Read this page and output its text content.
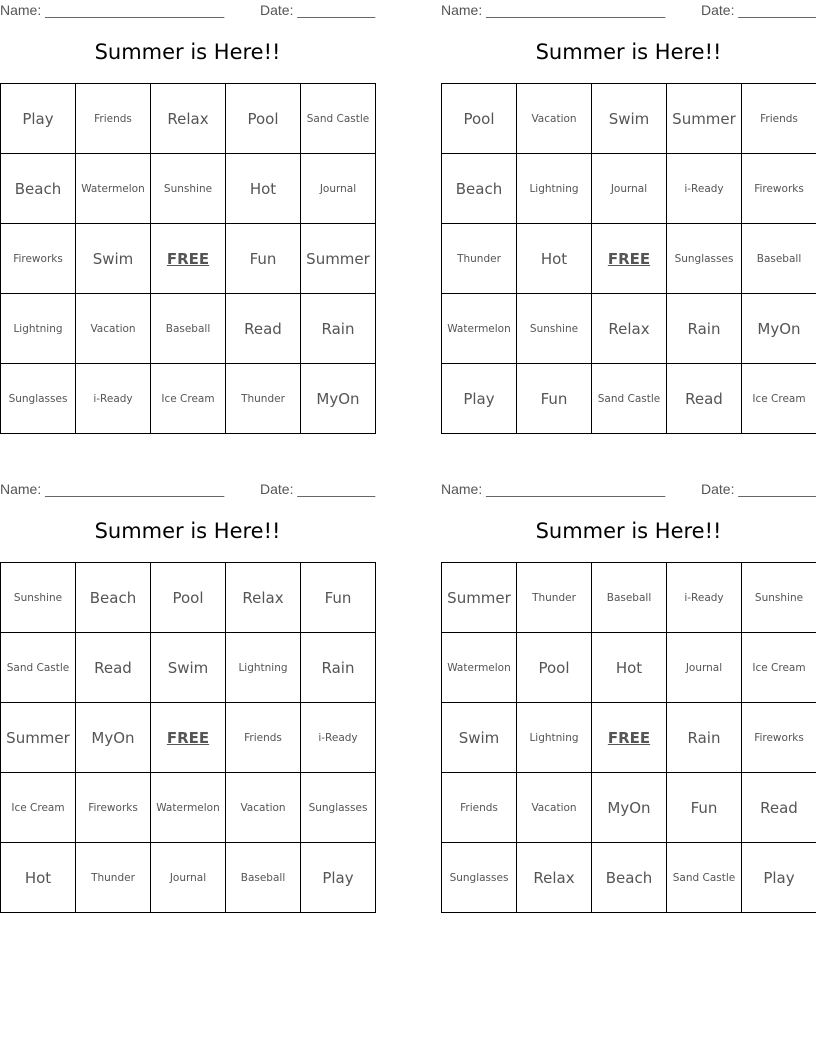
Name: _______________________	Date: __________
Summer is Here!!
Play	Friends	Relax	Pool	Sand Castle
Beach	Watermelon	Sunshine	Hot	Journal
Fireworks	Swim	FREE	Fun	Summer
Lightning	Vacation	Baseball	Read	Rain
Sunglasses	i-Ready	Ice Cream	Thunder	MyOn
Name: _______________________	Date: __________
Summer is Here!!
Pool	Vacation	Swim	Summer	Friends
Beach	Lightning	Journal	i-Ready	Fireworks
Thunder	Hot	FREE	Sunglasses	Baseball
Watermelon	Sunshine	Relax	Rain	MyOn
Play	Fun	Sand Castle	Read	Ice Cream
Name: _______________________	Date: __________
Summer is Here!!
Sunshine	Beach	Pool	Relax	Fun
Sand Castle	Read	Swim	Lightning	Rain
Summer	MyOn	FREE	Friends	i-Ready
Ice Cream	Fireworks	Watermelon	Vacation	Sunglasses
Hot	Thunder	Journal	Baseball	Play
Name: _______________________	Date: __________
Summer is Here!!
Summer	Thunder	Baseball	i-Ready	Sunshine
Watermelon	Pool	Hot	Journal	Ice Cream
Swim	Lightning	FREE	Rain	Fireworks
Friends	Vacation	MyOn	Fun	Read
Sunglasses	Relax	Beach	Sand Castle	Play
